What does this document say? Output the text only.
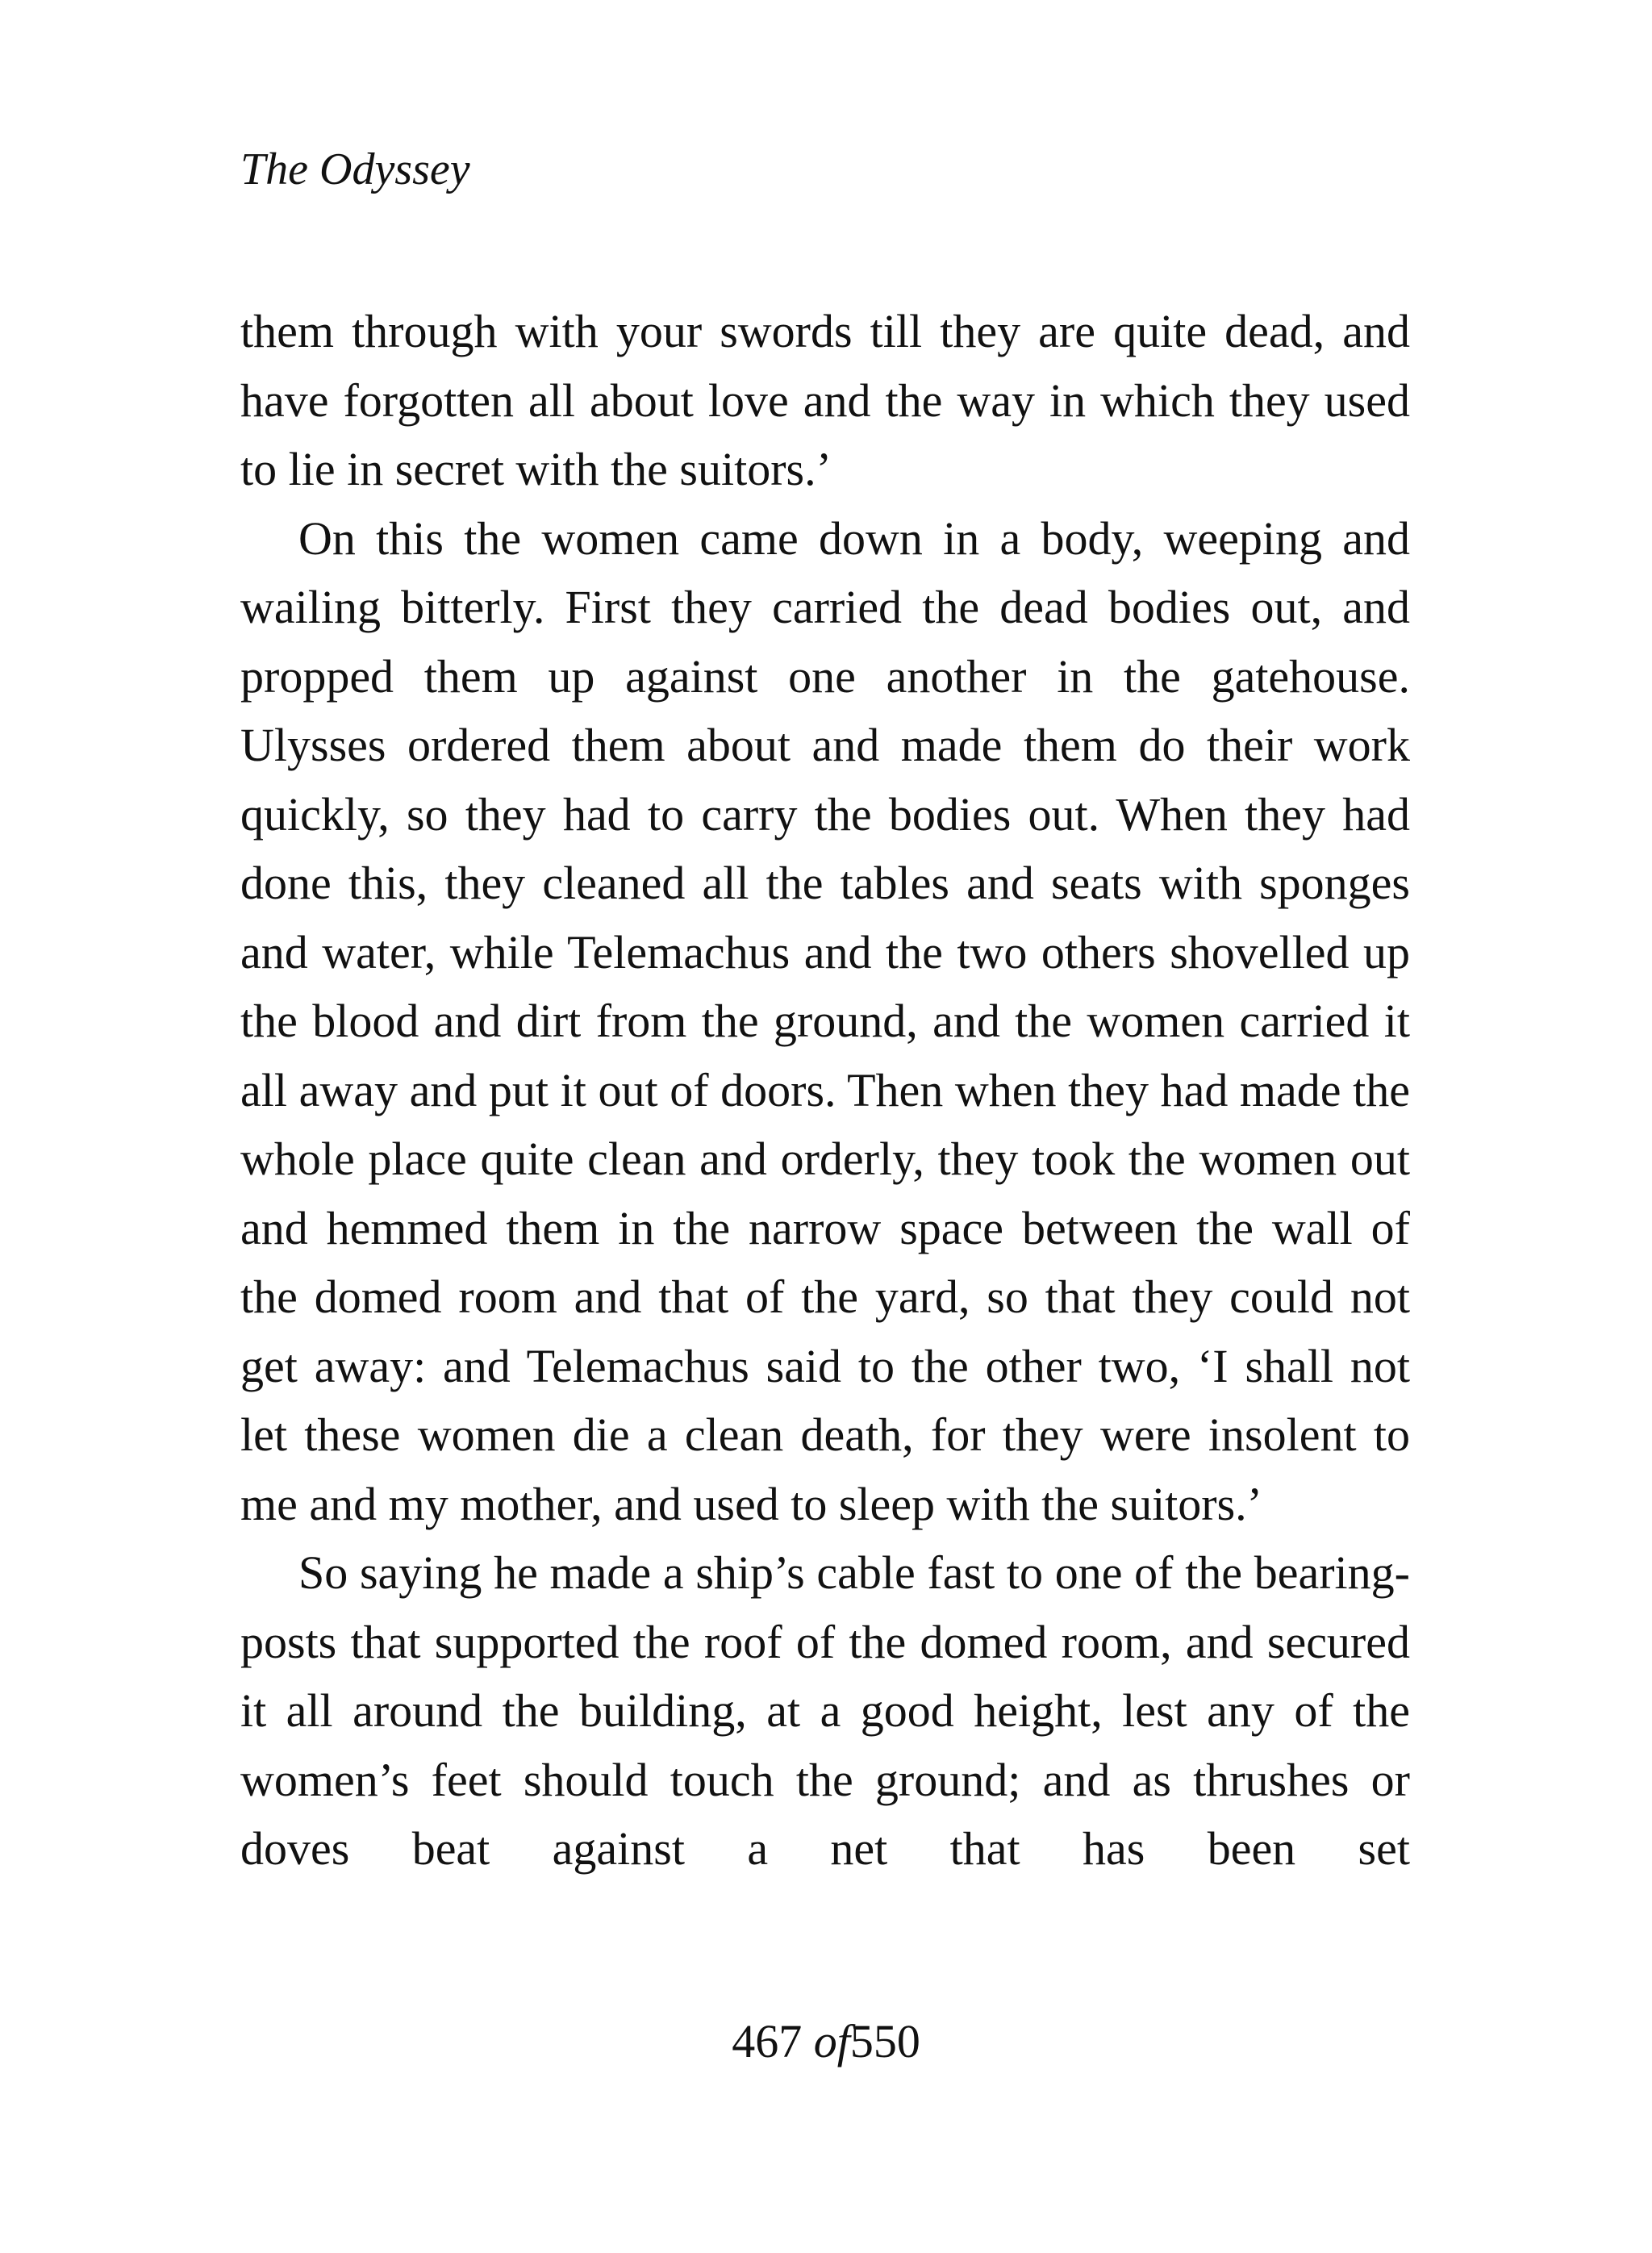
The Odyssey

them through with your swords till they are quite dead, and have forgotten all about love and the way in which they used to lie in secret with the suitors.’

On this the women came down in a body, weeping and wailing bitterly. First they carried the dead bodies out, and propped them up against one another in the gatehouse. Ulysses ordered them about and made them do their work quickly, so they had to carry the bodies out. When they had done this, they cleaned all the tables and seats with sponges and water, while Telemachus and the two others shovelled up the blood and dirt from the ground, and the women carried it all away and put it out of doors. Then when they had made the whole place quite clean and orderly, they took the women out and hemmed them in the narrow space between the wall of the domed room and that of the yard, so that they could not get away: and Telemachus said to the other two, ‘I shall not let these women die a clean death, for they were insolent to me and my mother, and used to sleep with the suitors.’

So saying he made a ship’s cable fast to one of the bearing-posts that supported the roof of the domed room, and secured it all around the building, at a good height, lest any of the women’s feet should touch the ground; and as thrushes or doves beat against a net that has been set

467 of550
